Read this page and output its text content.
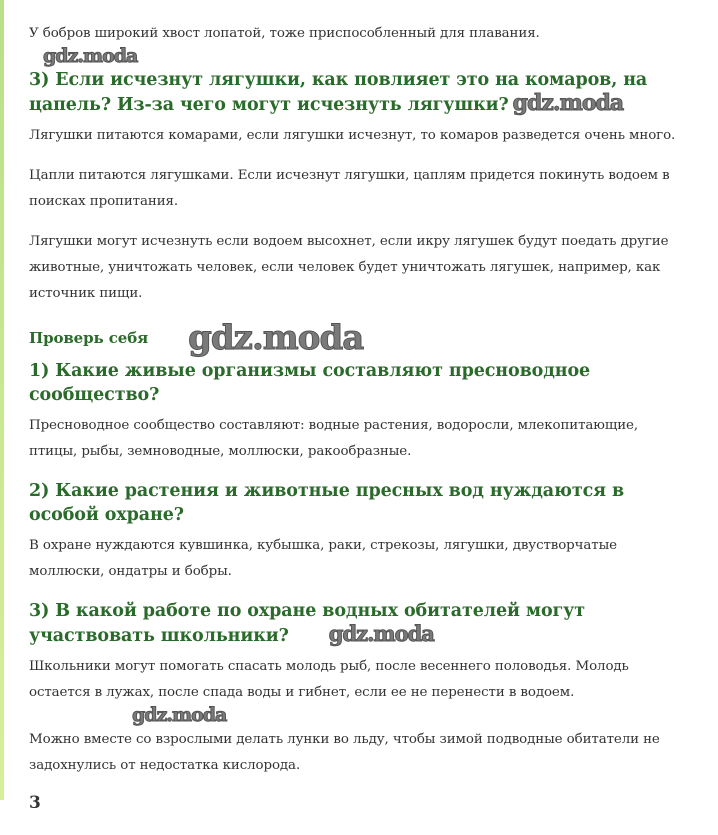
У бобров широкий хвост лопатой, тоже приспособленный для плавания.
gdz.moda
3) Если исчезнут лягушки, как повлияет это на комаров, на цапель? Из-за чего могут исчезнуть лягушки? gdz.moda
Лягушки питаются комарами, если лягушки исчезнут, то комаров разведется очень много.
Цапли питаются лягушками. Если исчезнут лягушки, цаплям придется покинуть водоем в поисках пропитания.
Лягушки могут исчезнуть если водоем высохнет, если икру лягушек будут поедать другие животные, уничтожать человек, если человек будет уничтожать лягушек, например, как источник пищи.
Проверь себя gdz.moda
1) Какие живые организмы составляют пресноводное сообщество?
Пресноводное сообщество составляют: водные растения, водоросли, млекопитающие, птицы, рыбы, земноводные, моллюски, ракообразные.
2) Какие растения и животные пресных вод нуждаются в особой охране?
В охране нуждаются кувшинка, кубышка, раки, стрекозы, лягушки, двустворчатые моллюски, ондатры и бобры.
3) В какой работе по охране водных обитателей могут участвовать школьники? gdz.moda
Школьники могут помогать спасать молодь рыб, после весеннего половодья. Молодь остается в лужах, после спада воды и гибнет, если ее не перенести в водоем.
gdz.moda
Можно вместе со взрослыми делать лунки во льду, чтобы зимой подводные обитатели не задохнулись от недостатка кислорода.
3
